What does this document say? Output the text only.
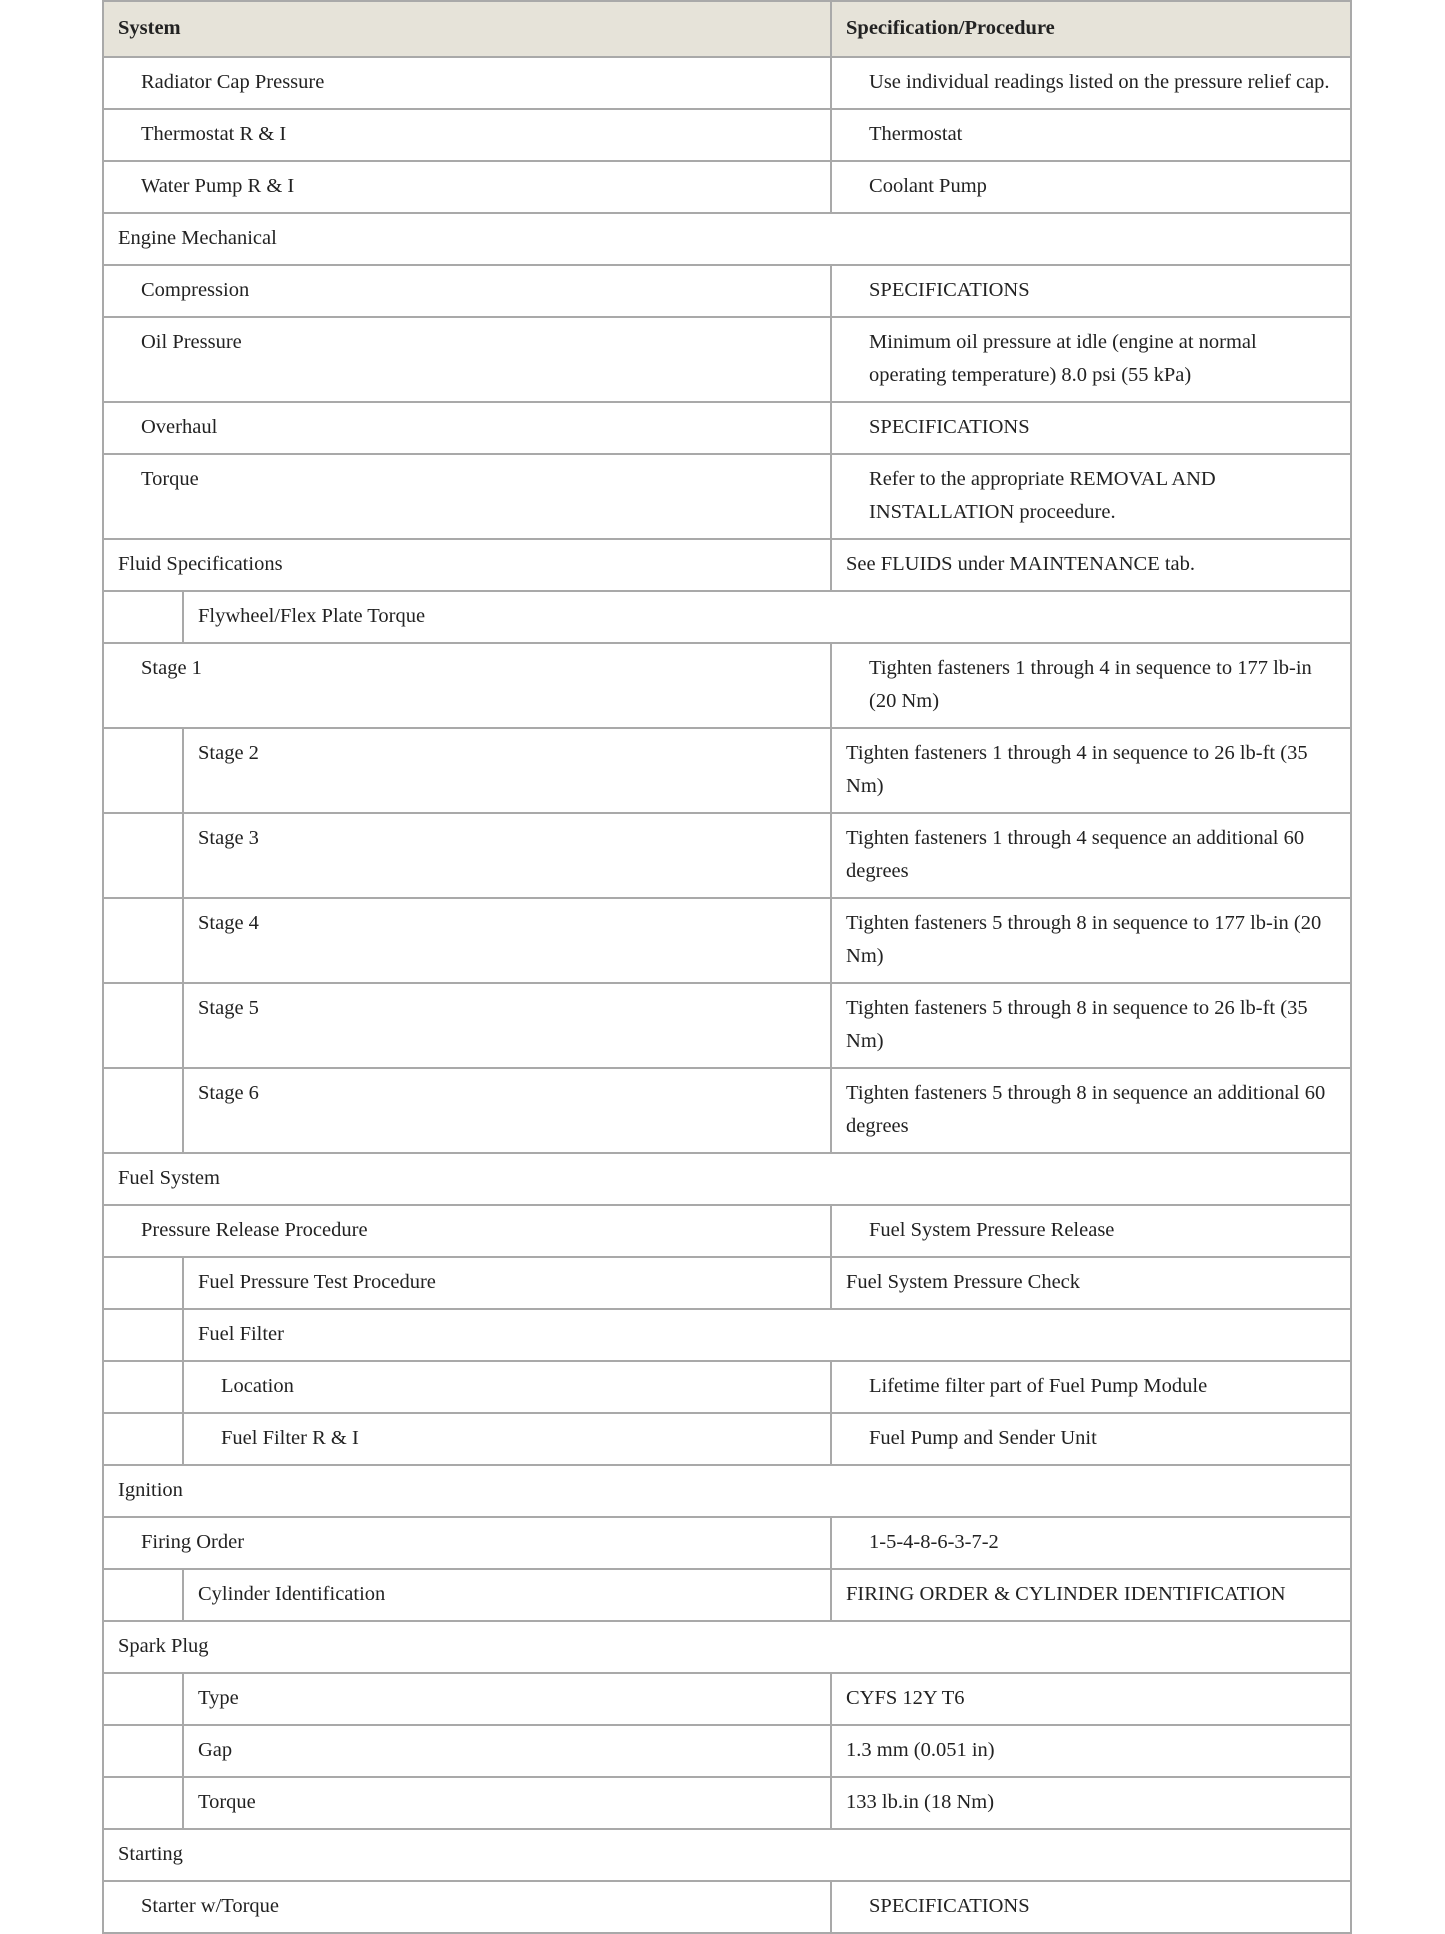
System		Specification/Procedure
Radiator Cap Pressure		Use individual readings listed on the pressure relief cap.
Thermostat R & I		Thermostat
Water Pump R & I		Coolant Pump
Engine Mechanical		
Compression		SPECIFICATIONS
Oil Pressure		Minimum oil pressure at idle (engine at normal operating temperature) 8.0 psi (55 kPa)
Overhaul		SPECIFICATIONS
Torque		Refer to the appropriate REMOVAL AND INSTALLATION proceedure.
Fluid Specifications		See FLUIDS under MAINTENANCE tab.
	Flywheel/Flex Plate Torque	
Stage 1		Tighten fasteners 1 through 4 in sequence to 177 lb-in (20 Nm)
	Stage 2	Tighten fasteners 1 through 4 in sequence to 26 lb-ft (35 Nm)
	Stage 3	Tighten fasteners 1 through 4 sequence an additional 60 degrees
	Stage 4	Tighten fasteners 5 through 8 in sequence to 177 lb-in (20 Nm)
	Stage 5	Tighten fasteners 5 through 8 in sequence to 26 lb-ft (35 Nm)
	Stage 6	Tighten fasteners 5 through 8 in sequence an additional 60 degrees
Fuel System		
Pressure Release Procedure		Fuel System Pressure Release
	Fuel Pressure Test Procedure	Fuel System Pressure Check
	Fuel Filter	
	Location	Lifetime filter part of Fuel Pump Module
	Fuel Filter R & I	Fuel Pump and Sender Unit
Ignition		
Firing Order		1-5-4-8-6-3-7-2
	Cylinder Identification	FIRING ORDER & CYLINDER IDENTIFICATION
Spark Plug		
	Type	CYFS 12Y T6
	Gap	1.3 mm (0.051 in)
	Torque	133 lb.in (18 Nm)
Starting		
Starter w/Torque		SPECIFICATIONS
